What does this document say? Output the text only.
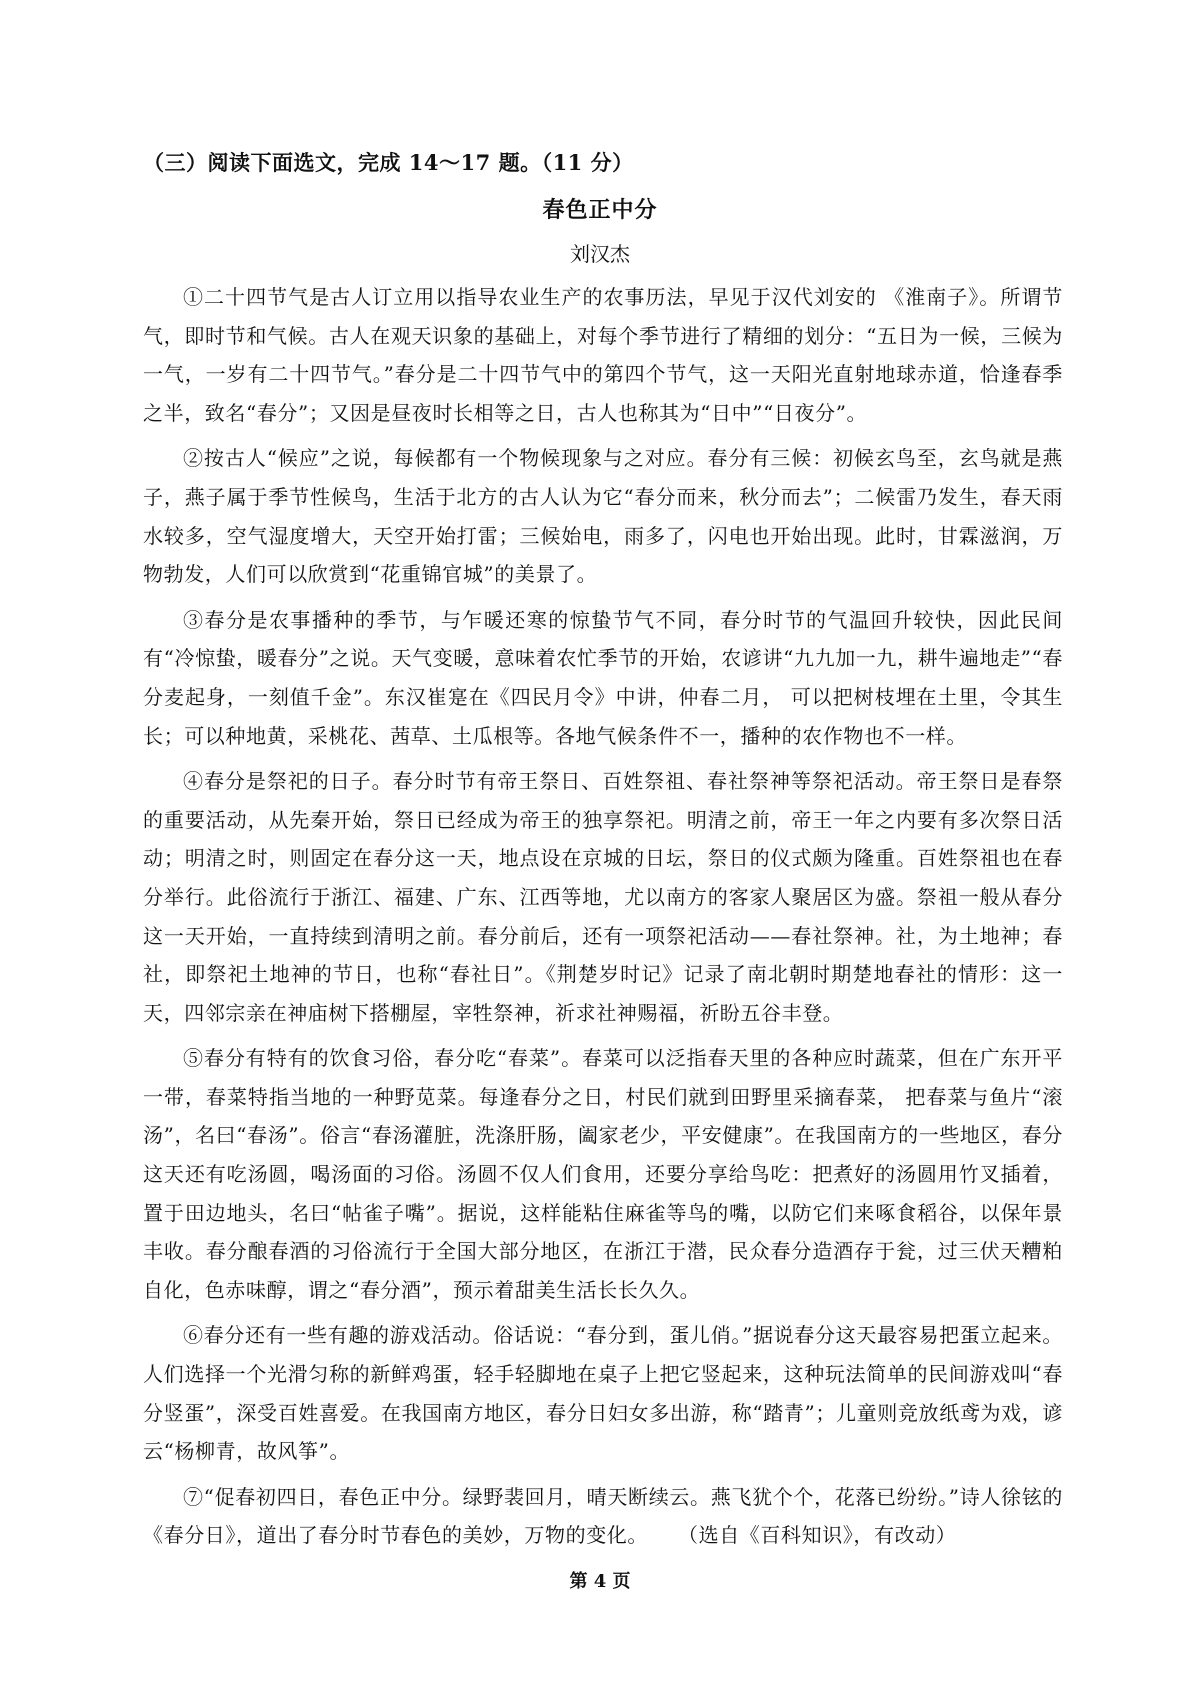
（三）阅读下面选文，完成 14～17 题。（11 分）
春色正中分
刘汉杰

①二十四节气是古人订立用以指导农业生产的农事历法，早见于汉代刘安的 《淮南子》。所谓节气，即时节和气候。古人在观天识象的基础上，对每个季节进行了精细的划分：“五日为一候，三候为一气，一岁有二十四节气。”春分是二十四节气中的第四个节气，这一天阳光直射地球赤道，恰逢春季之半，致名“春分”；又因是昼夜时长相等之日，古人也称其为“日中”“日夜分”。

②按古人“候应”之说，每候都有一个物候现象与之对应。春分有三候：初候玄鸟至，玄鸟就是燕子，燕子属于季节性候鸟，生活于北方的古人认为它“春分而来，秋分而去”；二候雷乃发生，春天雨水较多，空气湿度增大，天空开始打雷；三候始电，雨多了，闪电也开始出现。此时，甘霖滋润，万物勃发，人们可以欣赏到“花重锦官城”的美景了。

③春分是农事播种的季节，与乍暖还寒的惊蛰节气不同，春分时节的气温回升较快，因此民间有“冷惊蛰，暖春分”之说。天气变暖，意味着农忙季节的开始，农谚讲“九九加一九，耕牛遍地走”“春分麦起身，一刻值千金”。东汉崔寔在《四民月令》中讲，仲春二月， 可以把树枝埋在土里，令其生长；可以种地黄，采桃花、茜草、土瓜根等。各地气候条件不一，播种的农作物也不一样。

④春分是祭祀的日子。春分时节有帝王祭日、百姓祭祖、春社祭神等祭祀活动。帝王祭日是春祭的重要活动，从先秦开始，祭日已经成为帝王的独享祭祀。明清之前，帝王一年之内要有多次祭日活动；明清之时，则固定在春分这一天，地点设在京城的日坛，祭日的仪式颇为隆重。百姓祭祖也在春分举行。此俗流行于浙江、福建、广东、江西等地，尤以南方的客家人聚居区为盛。祭祖一般从春分这一天开始，一直持续到清明之前。春分前后，还有一项祭祀活动——春社祭神。社，为土地神；春社，即祭祀土地神的节日，也称“春社日”。《荆楚岁时记》记录了南北朝时期楚地春社的情形：这一天，四邻宗亲在神庙树下搭棚屋，宰牲祭神，祈求社神赐福，祈盼五谷丰登。

⑤春分有特有的饮食习俗，春分吃“春菜”。春菜可以泛指春天里的各种应时蔬菜，但在广东开平一带，春菜特指当地的一种野苋菜。每逢春分之日，村民们就到田野里采摘春菜， 把春菜与鱼片“滚汤”，名曰“春汤”。俗言“春汤灌脏，洗涤肝肠，阖家老少，平安健康”。在我国南方的一些地区，春分这天还有吃汤圆，喝汤面的习俗。汤圆不仅人们食用，还要分享给鸟吃：把煮好的汤圆用竹叉插着，置于田边地头，名曰“帖雀子嘴”。据说，这样能粘住麻雀等鸟的嘴，以防它们来啄食稻谷，以保年景丰收。春分酿春酒的习俗流行于全国大部分地区，在浙江于潜，民众春分造酒存于瓮，过三伏天糟粕自化，色赤味醇，谓之“春分酒”，预示着甜美生活长长久久。

⑥春分还有一些有趣的游戏活动。俗话说：“春分到，蛋儿俏。”据说春分这天最容易把蛋立起来。人们选择一个光滑匀称的新鲜鸡蛋，轻手轻脚地在桌子上把它竖起来，这种玩法简单的民间游戏叫“春分竖蛋”，深受百姓喜爱。在我国南方地区，春分日妇女多出游，称“踏青”；儿童则竞放纸鸢为戏，谚云“杨柳青，故风筝”。

⑦“促春初四日，春色正中分。绿野裴回月，晴天断续云。燕飞犹个个，花落已纷纷。”诗人徐铉的《春分日》，道出了春分时节春色的美妙，万物的变化。 （选自《百科知识》，有改动）

第 4 页
